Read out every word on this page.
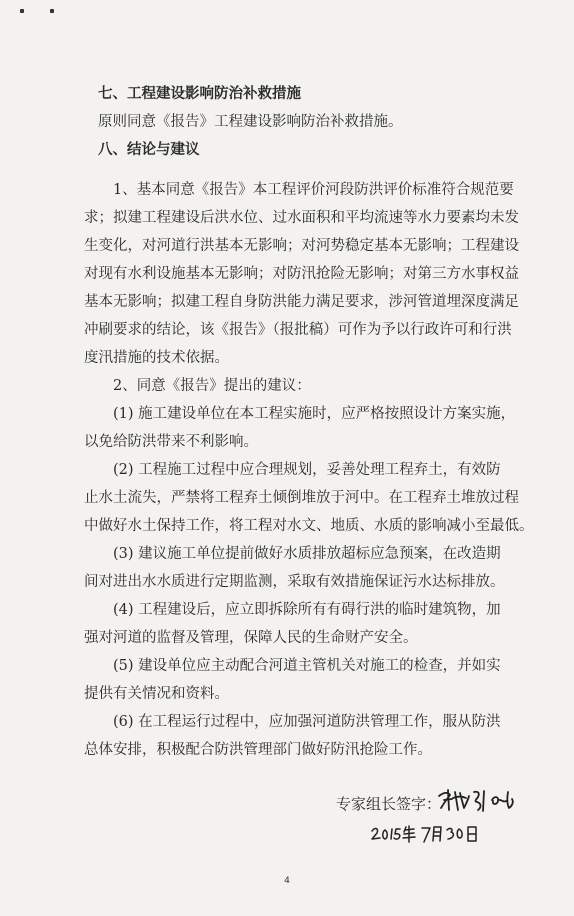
七、工程建设影响防治补救措施
原则同意《报告》工程建设影响防治补救措施。
八、结论与建议
1、基本同意《报告》本工程评价河段防洪评价标准符合规范要
求；拟建工程建设后洪水位、过水面积和平均流速等水力要素均未发
生变化，对河道行洪基本无影响；对河势稳定基本无影响；工程建设
对现有水利设施基本无影响；对防汛抢险无影响；对第三方水事权益
基本无影响；拟建工程自身防洪能力满足要求，涉河管道埋深度满足
冲刷要求的结论，该《报告》（报批稿）可作为予以行政许可和行洪
度汛措施的技术依据。
2、同意《报告》提出的建议：
(1) 施工建设单位在本工程实施时，应严格按照设计方案实施，
以免给防洪带来不利影响。
(2) 工程施工过程中应合理规划，妥善处理工程弃土，有效防
止水土流失，严禁将工程弃土倾倒堆放于河中。在工程弃土堆放过程
中做好水土保持工作，将工程对水文、地质、水质的影响减小至最低。
(3) 建议施工单位提前做好水质排放超标应急预案，在改造期
间对进出水水质进行定期监测，采取有效措施保证污水达标排放。
(4) 工程建设后，应立即拆除所有有碍行洪的临时建筑物，加
强对河道的监督及管理，保障人民的生命财产安全。
(5) 建设单位应主动配合河道主管机关对施工的检查，并如实
提供有关情况和资料。
(6) 在工程运行过程中，应加强河道防洪管理工作，服从防洪
总体安排，积极配合防洪管理部门做好防汛抢险工作。
专家组长签字：
4
